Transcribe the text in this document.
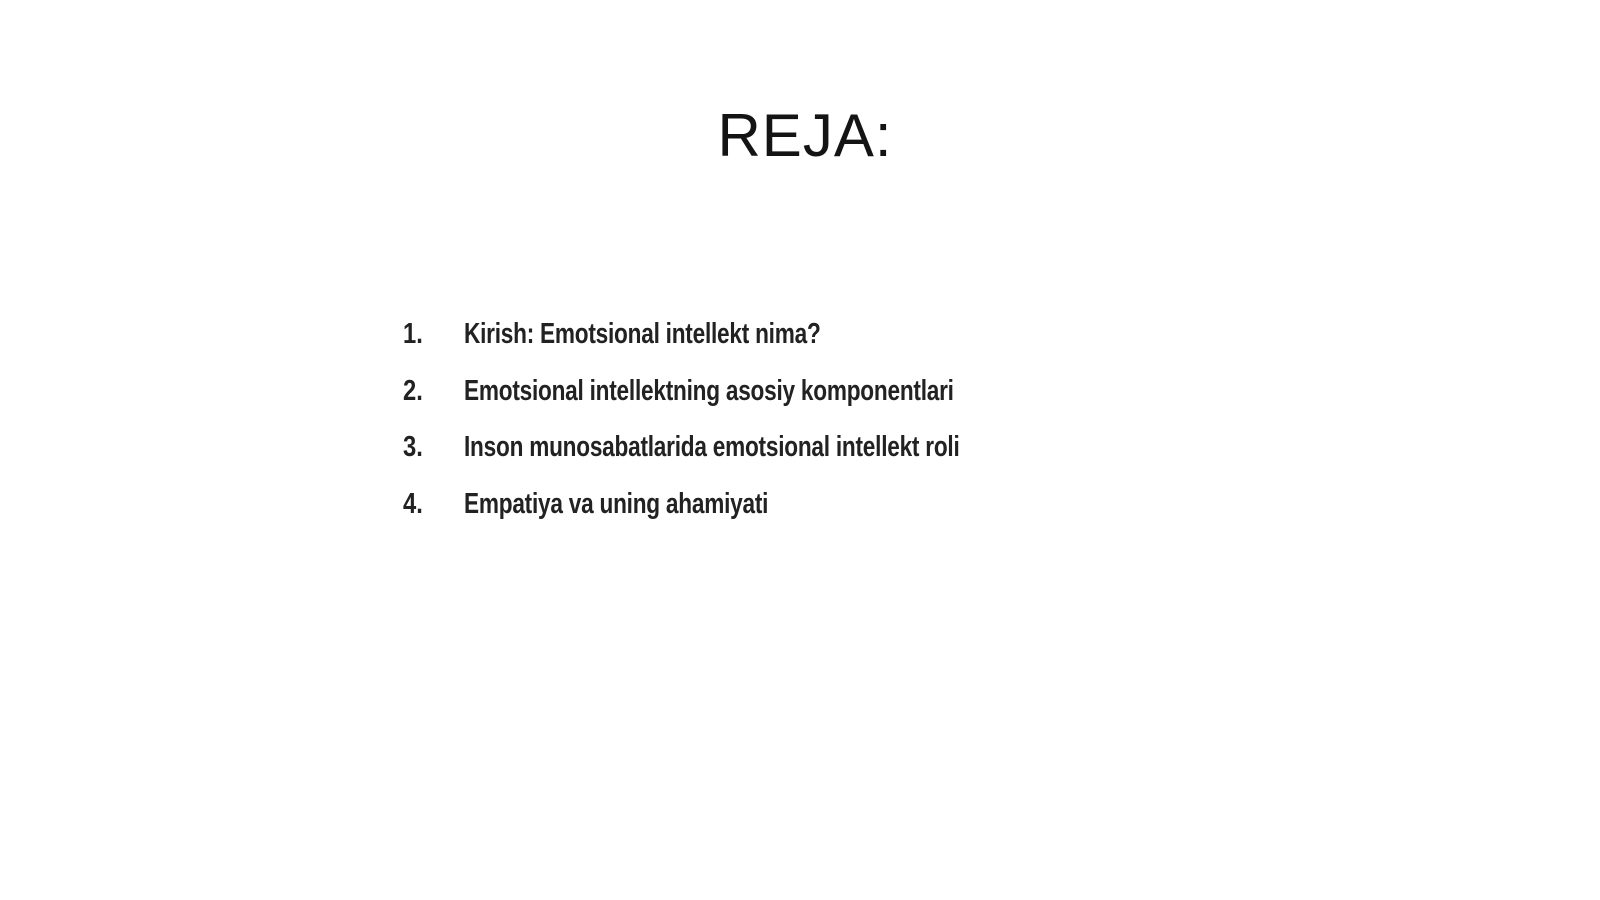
REJA:
1.	Kirish: Emotsional intellekt nima?
2.	Emotsional intellektning asosiy komponentlari
3.	Inson munosabatlarida emotsional intellekt roli
4.	Empatiya va uning ahamiyati
